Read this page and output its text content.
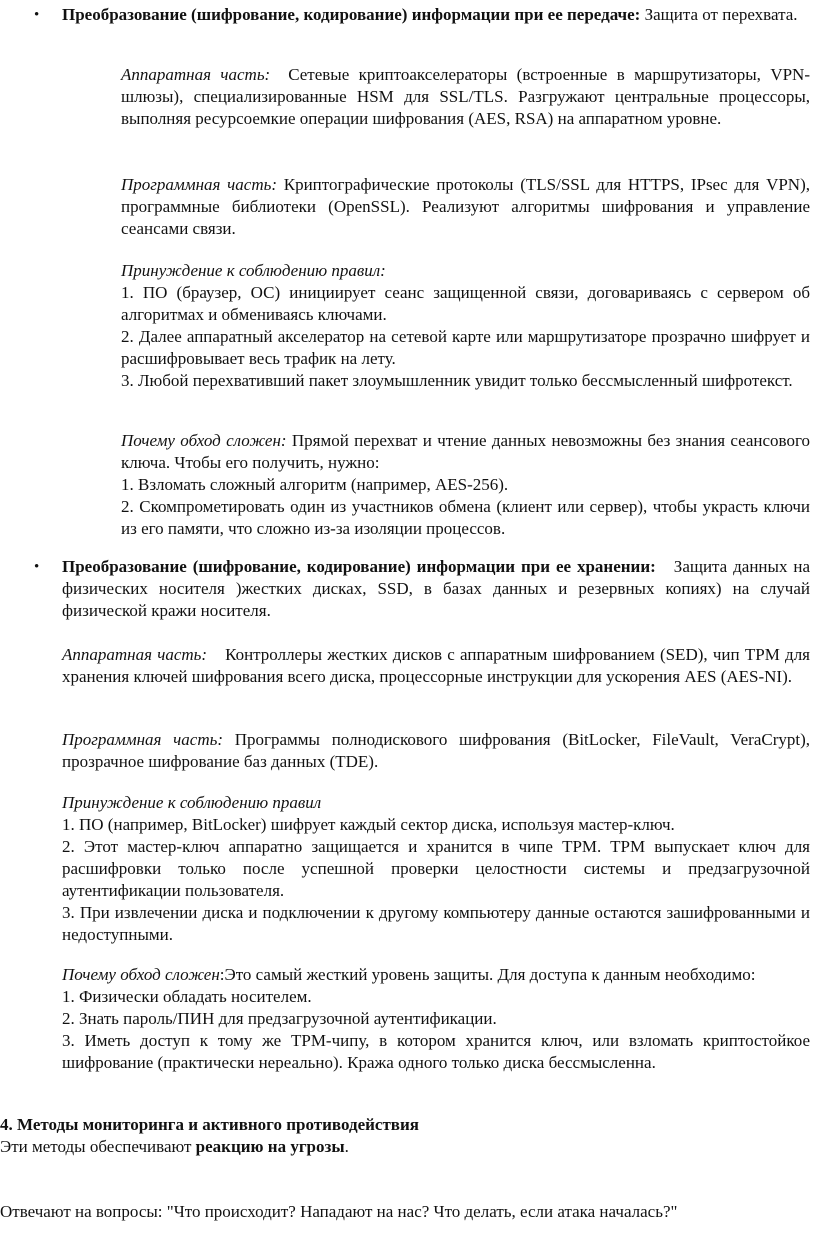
• Преобразование (шифрование, кодирование) информации при ее передаче: Защита от перехвата.
Аппаратная часть: Сетевые криптоакселераторы (встроенные в маршрутизаторы, VPN-шлюзы), специализированные HSM для SSL/TLS. Разгружают центральные процессоры, выполняя ресурсоемкие операции шифрования (AES, RSA) на аппаратном уровне.
Программная часть: Криптографические протоколы (TLS/SSL для HTTPS, IPsec для VPN), программные библиотеки (OpenSSL). Реализуют алгоритмы шифрования и управление сеансами связи.
Принуждение к соблюдению правил:
1. ПО (браузер, ОС) инициирует сеанс защищенной связи, договариваясь с сервером об алгоритмах и обмениваясь ключами.
2. Далее аппаратный акселератор на сетевой карте или маршрутизаторе прозрачно шифрует и расшифровывает весь трафик на лету.
3. Любой перехвативший пакет злоумышленник увидит только бессмысленный шифротекст.
Почему обход сложен: Прямой перехват и чтение данных невозможны без знания сеансового ключа. Чтобы его получить, нужно:
1. Взломать сложный алгоритм (например, AES-256).
2. Скомпрометировать один из участников обмена (клиент или сервер), чтобы украсть ключи из его памяти, что сложно из-за изоляции процессов.
• Преобразование (шифрование, кодирование) информации при ее хранении: Защита данных на физических носителя )жестких дисках, SSD, в базах данных и резервных копиях) на случай физической кражи носителя.
Аппаратная часть: Контроллеры жестких дисков с аппаратным шифрованием (SED), чип TPM для хранения ключей шифрования всего диска, процессорные инструкции для ускорения AES (AES-NI).
Программная часть: Программы полнодискового шифрования (BitLocker, FileVault, VeraCrypt), прозрачное шифрование баз данных (TDE).
Принуждение к соблюдению правил
1. ПО (например, BitLocker) шифрует каждый сектор диска, используя мастер-ключ.
2. Этот мастер-ключ аппаратно защищается и хранится в чипе TPM. TPM выпускает ключ для расшифровки только после успешной проверки целостности системы и предзагрузочной аутентификации пользователя.
3. При извлечении диска и подключении к другому компьютеру данные остаются зашифрованными и недоступными.
Почему обход сложен:Это самый жесткий уровень защиты. Для доступа к данным необходимо:
1. Физически обладать носителем.
2. Знать пароль/ПИН для предзагрузочной аутентификации.
3. Иметь доступ к тому же TPM-чипу, в котором хранится ключ, или взломать криптостойкое шифрование (практически нереально). Кража одного только диска бессмысленна.
4. Методы мониторинга и активного противодействия
Эти методы обеспечивают реакцию на угрозы.
Отвечают на вопросы: "Что происходит? Нападают на нас? Что делать, если атака началась?"
